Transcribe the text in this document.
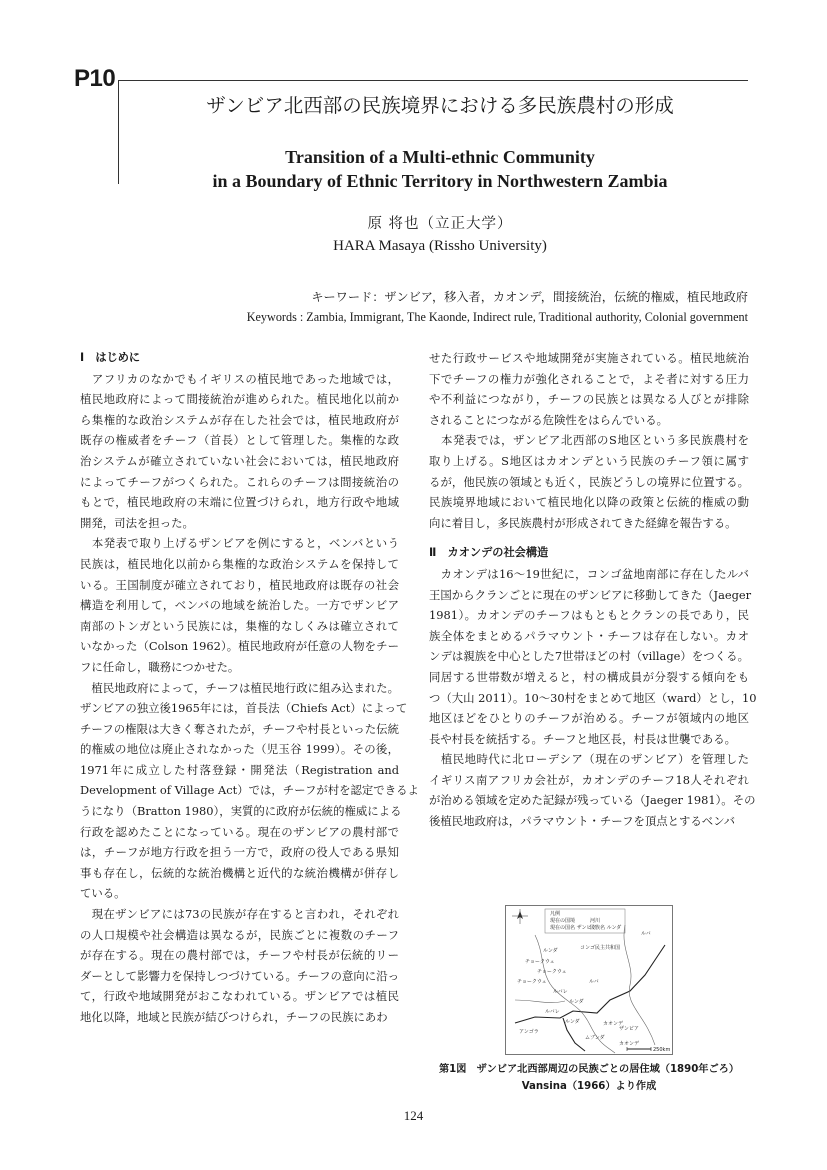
P10
ザンビア北西部の民族境界における多民族農村の形成
Transition of a Multi-ethnic Community
in a Boundary of Ethnic Territory in Northwestern Zambia
原 将也（立正大学）
HARA Masaya (Rissho University)
キーワード：ザンビア，移入者，カオンデ，間接統治，伝統的権威，植民地政府
Keywords : Zambia, Immigrant, The Kaonde, Indirect rule, Traditional authority, Colonial government
Ⅰ　はじめに
　アフリカのなかでもイギリスの植民地であった地域では，
植民地政府によって間接統治が進められた。植民地化以前か
ら集権的な政治システムが存在した社会では，植民地政府が
既存の権威者をチーフ（首長）として管理した。集権的な政
治システムが確立されていない社会においては，植民地政府
によってチーフがつくられた。これらのチーフは間接統治の
もとで，植民地政府の末端に位置づけられ，地方行政や地域
開発，司法を担った。
　本発表で取り上げるザンビアを例にすると，ベンバという
民族は，植民地化以前から集権的な政治システムを保持して
いる。王国制度が確立されており，植民地政府は既存の社会
構造を利用して，ベンバの地域を統治した。一方でザンビア
南部のトンガという民族には，集権的なしくみは確立されて
いなかった（Colson 1962）。植民地政府が任意の人物をチー
フに任命し，職務につかせた。
　植民地政府によって，チーフは植民地行政に組み込まれた。
ザンビアの独立後1965年には，首長法（Chiefs Act）によって
チーフの権限は大きく奪されたが，チーフや村長といった伝統
的権威の地位は廃止されなかった（児玉谷 1999）。その後，
1971年に成立した村落登録・開発法（Registration and
Development of Village Act）では，チーフが村を認定できるよ
うになり（Bratton 1980），実質的に政府が伝統的権威による
行政を認めたことになっている。現在のザンビアの農村部で
は，チーフが地方行政を担う一方で，政府の役人である県知
事も存在し，伝統的な統治機構と近代的な統治機構が併存し
ている。
　現在ザンビアには73の民族が存在すると言われ，それぞれ
の人口規模や社会構造は異なるが，民族ごとに複数のチーフ
が存在する。現在の農村部では，チーフや村長が伝統的リー
ダーとして影響力を保持しつづけている。チーフの意向に沿っ
て，行政や地域開発がおこなわれている。ザンビアでは植民
地化以降，地域と民族が結びつけられ，チーフの民族にあわ
せた行政サービスや地域開発が実施されている。植民地統治
下でチーフの権力が強化されることで，よそ者に対する圧力
や不利益につながり，チーフの民族とは異なる人びとが排除
されることにつながる危険性をはらんでいる。
　本発表では，ザンビア北西部のS地区という多民族農村を
取り上げる。S地区はカオンデという民族のチーフ領に属す
るが，他民族の領域とも近く，民族どうしの境界に位置する。
民族境界地域において植民地化以降の政策と伝統的権威の動
向に着目し，多民族農村が形成されてきた経緯を報告する。
Ⅱ　カオンデの社会構造
　カオンデは16～19世紀に，コンゴ盆地南部に存在したルバ
王国からクランごとに現在のザンビアに移動してきた（Jaeger
1981）。カオンデのチーフはもともとクランの長であり，民
族全体をまとめるパラマウント・チーフは存在しない。カオ
ンデは親族を中心とした7世帯ほどの村（village）をつくる。
同居する世帯数が増えると，村の構成員が分裂する傾向をも
つ（大山 2011）。10～30村をまとめて地区（ward）とし，10
地区ほどをひとりのチーフが治める。チーフが領域内の地区
長や村長を統括する。チーフと地区長，村長は世襲である。
　植民地時代に北ローデシア（現在のザンビア）を管理した
イギリス南アフリカ会社が，カオンデのチーフ18人それぞれ
が治める領域を定めた記録が残っている（Jaeger 1981）。その
後植民地政府は，パラマウント・チーフを頂点とするベンバ
凡例
現在の国境	河川
現在の国名 ザンビア
民族名 ルンダ
コンゴ民主共和国
ルンダ
チョークウェ
チョークウェ
ルバ
ルバレ
ルンダ
ルバレ
ルンダ	カオンデ
アンゴラ	ザンビア
ムブンダ
カオンデ
チョークウェ
ルバ
250km
第1図　ザンビア北西部周辺の民族ごとの居住域（1890年ごろ）
Vansina（1966）より作成
124
